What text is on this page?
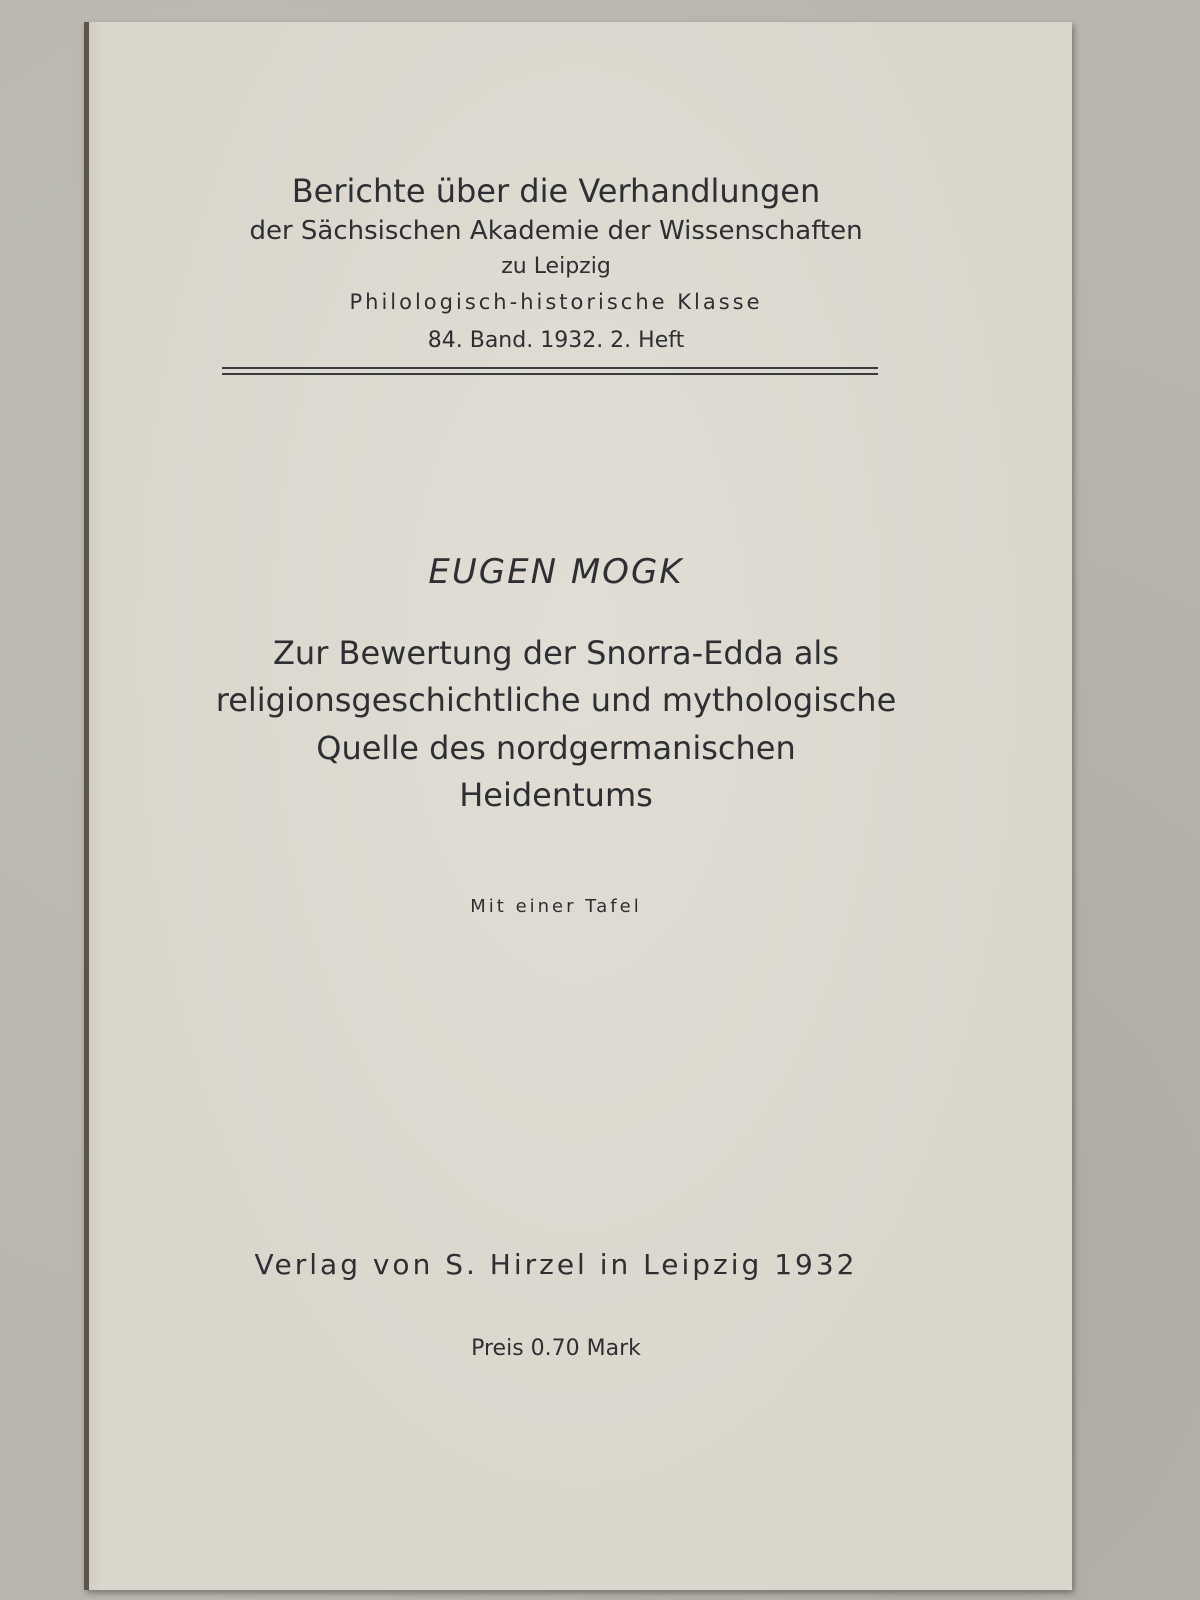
Berichte über die Verhandlungen
der Sächsischen Akademie der Wissenschaften
zu Leipzig
Philologisch-historische Klasse
84. Band. 1932. 2. Heft
EUGEN MOGK
Zur Bewertung der Snorra-Edda als
religionsgeschichtliche und mythologische
Quelle des nordgermanischen
Heidentums
Mit einer Tafel
Verlag von S. Hirzel in Leipzig 1932
Preis 0.70 Mark
